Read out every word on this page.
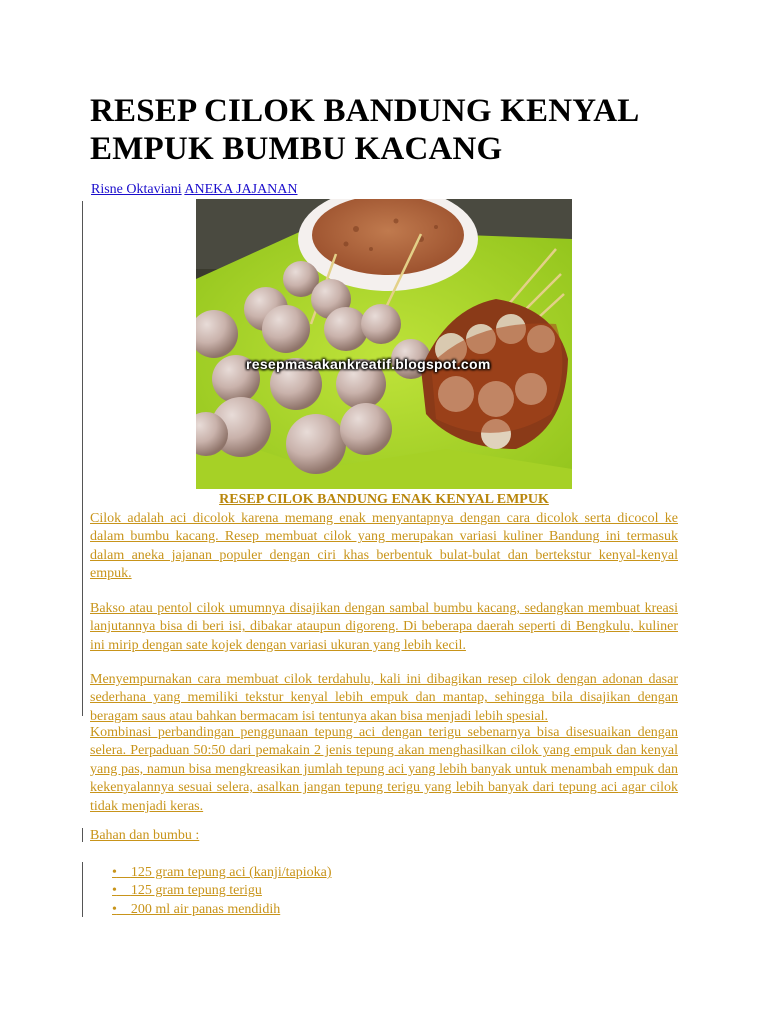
RESEP CILOK BANDUNG KENYAL EMPUK BUMBU KACANG
Risne Oktaviani ANEKA JAJANAN
resepmasakankreatif.blogspot.com
RESEP CILOK BANDUNG ENAK KENYAL EMPUK
Cilok adalah aci dicolok karena memang enak menyantapnya dengan cara dicolok serta dicocol ke dalam bumbu kacang. Resep membuat cilok yang merupakan variasi kuliner Bandung ini termasuk dalam aneka jajanan populer dengan ciri khas berbentuk bulat-bulat dan bertekstur kenyal-kenyal empuk.
Bakso atau pentol cilok umumnya disajikan dengan sambal bumbu kacang, sedangkan membuat kreasi lanjutannya bisa di beri isi, dibakar ataupun digoreng. Di beberapa daerah seperti di Bengkulu, kuliner ini mirip dengan sate kojek dengan variasi ukuran yang lebih kecil.
Menyempurnakan cara membuat cilok terdahulu, kali ini dibagikan resep cilok dengan adonan dasar sederhana yang memiliki tekstur kenyal lebih empuk dan mantap, sehingga bila disajikan dengan beragam saus atau bahkan bermacam isi tentunya akan bisa menjadi lebih spesial.
Kombinasi perbandingan penggunaan tepung aci dengan terigu sebenarnya bisa disesuaikan dengan selera. Perpaduan 50:50 dari pemakain 2 jenis tepung akan menghasilkan cilok yang empuk dan kenyal yang pas, namun bisa mengkreasikan jumlah tepung aci yang lebih banyak untuk menambah empuk dan kekenyalannya sesuai selera, asalkan jangan tepung terigu yang lebih banyak dari tepung aci agar cilok tidak menjadi keras.
Bahan dan bumbu :
• 125 gram tepung aci (kanji/tapioka)
• 125 gram tepung terigu
• 200 ml air panas mendidih
